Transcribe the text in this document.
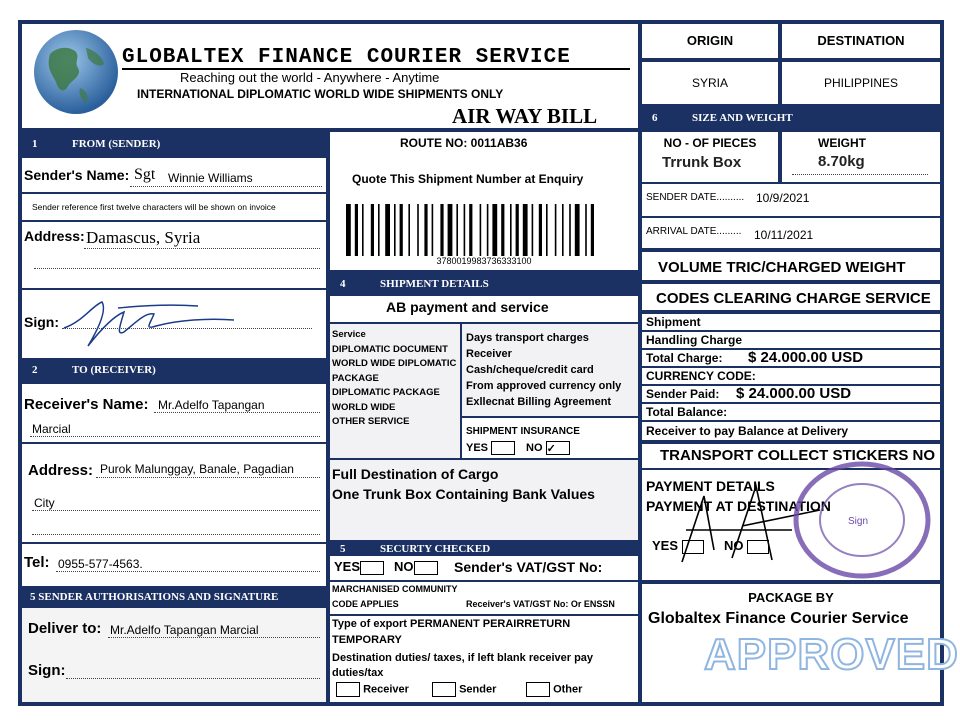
GLOBALTEX FINANCE COURIER SERVICE
Reaching out the world - Anywhere - Anytime
INTERNATIONAL DIPLOMATIC WORLD WIDE SHIPMENTS ONLY
AIR WAY BILL
ORIGIN	DESTINATION
SYRIA	PHILIPPINES
6	SIZE AND WEIGHT
NO - OF PIECES
Trrunk Box
WEIGHT
8.70kg
SENDER DATE.......... 10/9/2021
ARRIVAL DATE......... 10/11/2021
VOLUME TRIC/CHARGED WEIGHT
CODES CLEARING CHARGE SERVICE
Shipment
Handling Charge
Total Charge: $ 24.000.00 USD
CURRENCY CODE:
Sender Paid: $ 24.000.00 USD
Total Balance:
Receiver to pay Balance at Delivery
TRANSPORT COLLECT STICKERS NO
PAYMENT DETAILS
PAYMENT AT DESTINATION
YES	NO
Sign
PACKAGE BY
Globaltex Finance Courier Service
APPROVED
1	FROM (SENDER)
Sender's Name: Sgt Winnie Williams
Sender reference first twelve characters will be shown on invoice
Address: Damascus, Syria
Sign:
2	TO (RECEIVER)
Receiver's Name: Mr.Adelfo Tapangan
Marcial
Address: Purok Malunggay, Banale, Pagadian
City
Tel: 0955-577-4563.
5 SENDER AUTHORISATIONS AND SIGNATURE
Deliver to: Mr.Adelfo Tapangan Marcial
Sign:
ROUTE NO: 0011AB36
Quote This Shipment Number at Enquiry
37800199837363331​00
4	SHIPMENT DETAILS
AB payment and service
Service
DIPLOMATIC DOCUMENT
WORLD WIDE DIPLOMATIC
PACKAGE
DIPLOMATIC PACKAGE
WORLD WIDE
OTHER SERVICE
Days transport charges
Receiver
Cash/cheque/credit card
From approved currency only
Exllecnat Billing Agreement
SHIPMENT INSURANCE
YES	NO ✓
Full Destination of Cargo
One Trunk Box Containing Bank Values
5	SECURTY CHECKED
YES	NO	Sender's VAT/GST No:
MARCHANISED COMMUNITY
CODE APPLIES	Receiver's VAT/GST No: Or ENSSN
Type of export PERMANENT PERAIRRETURN
TEMPORARY
Destination duties/ taxes, if left blank receiver pay
duties/tax
Receiver	Sender	Other
